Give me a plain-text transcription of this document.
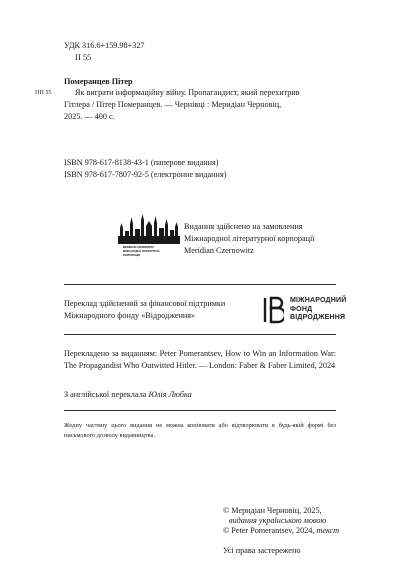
УДК 316.6+159.98+327
П 55
Померанцев Пітер
ПП 55	Як виграти інформаційну війну. Пропагандист, який перехитрив
Гітлера / Пітер Померанцев. — Чернівці : Меридіан Черновіц,
2025. — 400 с.
ISBN 978-617-8138-43-1 (паперове видання)
ISBN 978-617-7807-92-5 (електронне видання)
MERIDIAN CZERNOWITZ
МІЖНАРОДНА ЛІТЕРАТУРНА
КОРПОРАЦІЯ
Видання здійснено на замовлення
Міжнародної літературної корпорації
Meridian Czernowitz
Переклад здійснений за фінансової підтримки
Міжнародного фонду «Відродження»
МІЖНАРОДНИЙ
ФОНД
ВІДРОДЖЕННЯ
Перекладено за виданням: Peter Pomerantsev, How to Win an Information War: The Propagandist Who Outwitted Hitler. — London: Faber & Faber Limited, 2024
З англійської переклала Юлія Любка
Жодну частину цього видання не можна копіювати або відтворювати в будь-якій формі без письмового дозволу видавництва.
© Меридіан Черновіц, 2025,
видання українською мовою
© Peter Pomerantsev, 2024, текст
Усі права застережено
